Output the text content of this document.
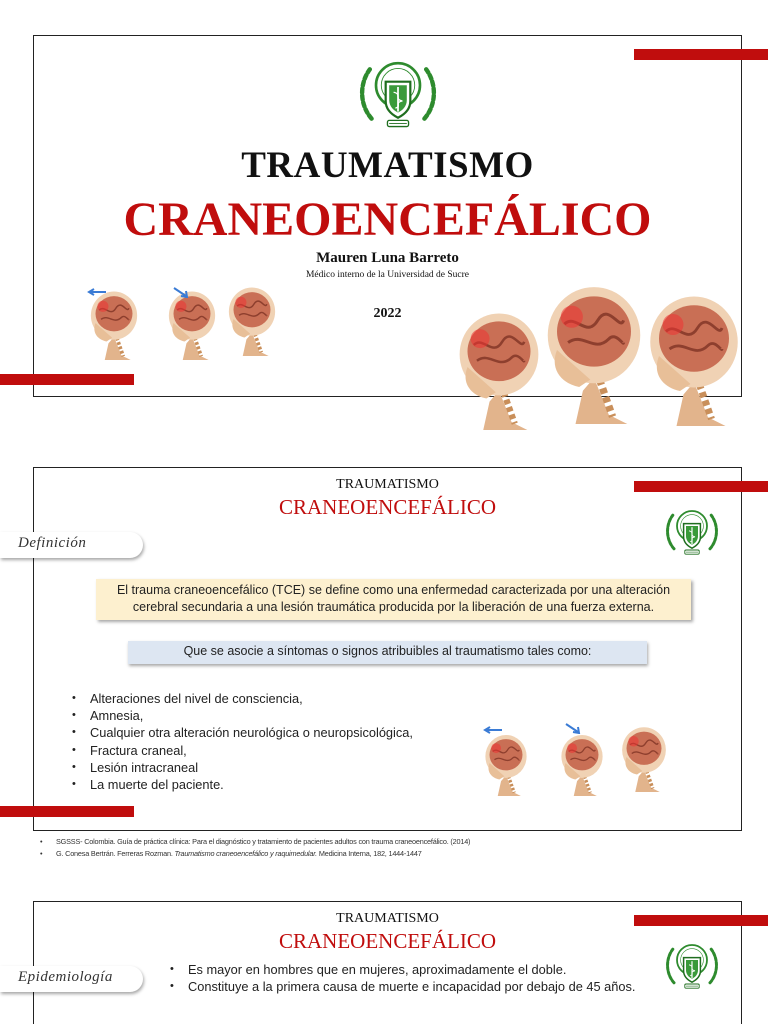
TRAUMATISMO
CRANEOENCEFÁLICO
Mauren Luna Barreto
Médico interno de la Universidad de Sucre
2022
TRAUMATISMO
CRANEOENCEFÁLICO
El trauma craneoencefálico (TCE) se define como una enfermedad caracterizada por una alteración
cerebral secundaria a una lesión traumática producida por la liberación de una fuerza externa.
Que se asocie a síntomas o signos atribuibles al traumatismo tales como:
• Alteraciones del nivel de consciencia,
• Amnesia,
• Cualquier otra alteración neurológica o neuropsicológica,
• Fractura craneal,
• Lesión intracraneal
• La muerte del paciente.
Definición
• SGSSS- Colombia. Guía de práctica clínica: Para el diagnóstico y tratamiento de pacientes adultos con trauma craneoencefálico. (2014)
• G. Conesa Bertrán. Ferreras Rozman. Traumatismo craneoencefálico y raquimedular. Medicina Interna, 182, 1444-1447
TRAUMATISMO
CRANEOENCEFÁLICO
• Es mayor en hombres que en mujeres, aproximadamente el doble.
• Constituye a la primera causa de muerte e incapacidad por debajo de 45 años.
Epidemiología
